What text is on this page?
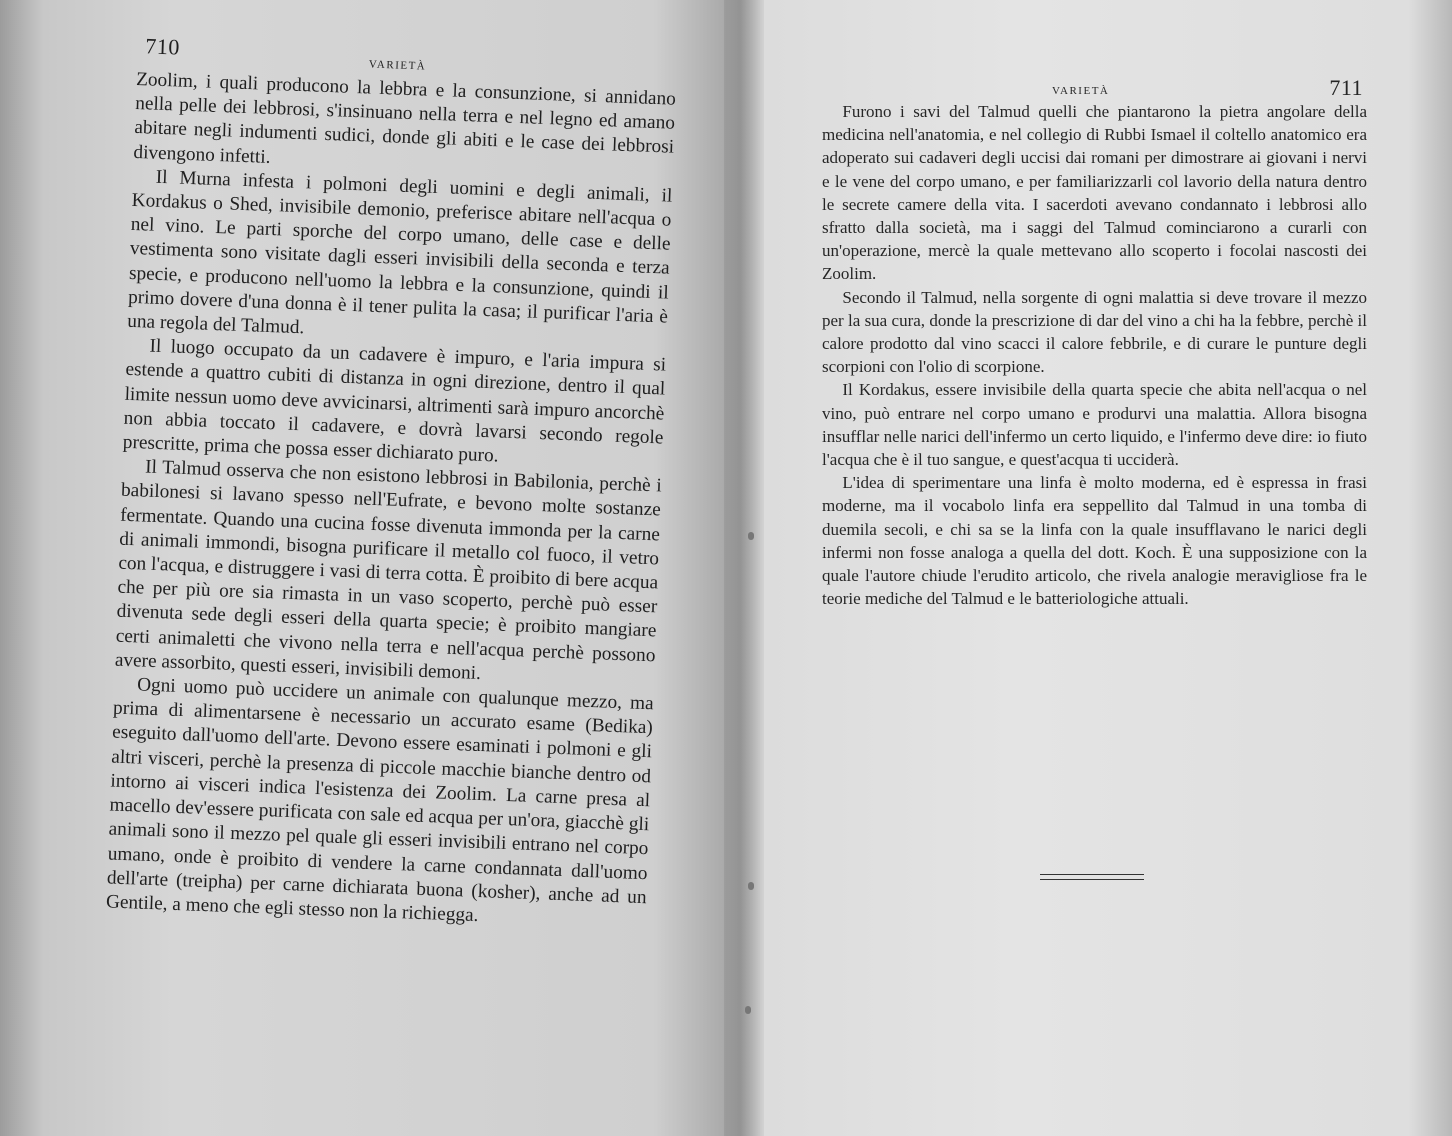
710
VARIETÀ

Zoolim, i quali producono la lebbra e la consunzione, si annidano nella pelle dei lebbrosi, s'insinuano nella terra e nel legno ed amano abitare negli indumenti sudici, donde gli abiti e le case dei lebbrosi divengono infetti.

Il Murna infesta i polmoni degli uomini e degli animali, il Kordakus o Shed, invisibile demonio, preferisce abitare nell'acqua o nel vino. Le parti sporche del corpo umano, delle case e delle vestimenta sono visitate dagli esseri invisibili della seconda e terza specie, e producono nell'uomo la lebbra e la consunzione, quindi il primo dovere d'una donna è il tener pulita la casa; il purificar l'aria è una regola del Talmud.

Il luogo occupato da un cadavere è impuro, e l'aria impura si estende a quattro cubiti di distanza in ogni direzione, dentro il qual limite nessun uomo deve avvicinarsi, altrimenti sarà impuro ancorchè non abbia toccato il cadavere, e dovrà lavarsi secondo regole prescritte, prima che possa esser dichiarato puro.

Il Talmud osserva che non esistono lebbrosi in Babilonia, perchè i babilonesi si lavano spesso nell'Eufrate, e bevono molte sostanze fermentate. Quando una cucina fosse divenuta immonda per la carne di animali immondi, bisogna purificare il metallo col fuoco, il vetro con l'acqua, e distruggere i vasi di terra cotta. È proibito di bere acqua che per più ore sia rimasta in un vaso scoperto, perchè può esser divenuta sede degli esseri della quarta specie; è proibito mangiare certi animaletti che vivono nella terra e nell'acqua perchè possono avere assorbito, questi esseri, invisibili demoni.

Ogni uomo può uccidere un animale con qualunque mezzo, ma prima di alimentarsene è necessario un accurato esame (Bedika) eseguito dall'uomo dell'arte. Devono essere esaminati i polmoni e gli altri visceri, perchè la presenza di piccole macchie bianche dentro od intorno ai visceri indica l'esistenza dei Zoolim. La carne presa al macello dev'essere purificata con sale ed acqua per un'ora, giacchè gli animali sono il mezzo pel quale gli esseri invisibili entrano nel corpo umano, onde è proibito di vendere la carne condannata dall'uomo dell'arte (treipha) per carne dichiarata buona (kosher), anche ad un Gentile, a meno che egli stesso non la richiegga.

VARIETÀ	711

Furono i savi del Talmud quelli che piantarono la pietra angolare della medicina nell'anatomia, e nel collegio di Rubbi Ismael il coltello anatomico era adoperato sui cadaveri degli uccisi dai romani per dimostrare ai giovani i nervi e le vene del corpo umano, e per familiarizzarli col lavorio della natura dentro le secrete camere della vita. I sacerdoti avevano condannato i lebbrosi allo sfratto dalla società, ma i saggi del Talmud cominciarono a curarli con un'operazione, mercè la quale mettevano allo scoperto i focolai nascosti dei Zoolim.

Secondo il Talmud, nella sorgente di ogni malattia si deve trovare il mezzo per la sua cura, donde la prescrizione di dar del vino a chi ha la febbre, perchè il calore prodotto dal vino scacci il calore febbrile, e di curare le punture degli scorpioni con l'olio di scorpione.

Il Kordakus, essere invisibile della quarta specie che abita nell'acqua o nel vino, può entrare nel corpo umano e produrvi una malattia. Allora bisogna insufflar nelle narici dell'infermo un certo liquido, e l'infermo deve dire: io fiuto l'acqua che è il tuo sangue, e quest'acqua ti ucciderà.

L'idea di sperimentare una linfa è molto moderna, ed è espressa in frasi moderne, ma il vocabolo linfa era seppellito dal Talmud in una tomba di duemila secoli, e chi sa se la linfa con la quale insufflavano le narici degli infermi non fosse analoga a quella del dott. Koch. È una supposizione con la quale l'autore chiude l'erudito articolo, che rivela analogie meravigliose fra le teorie mediche del Talmud e le batteriologiche attuali.
